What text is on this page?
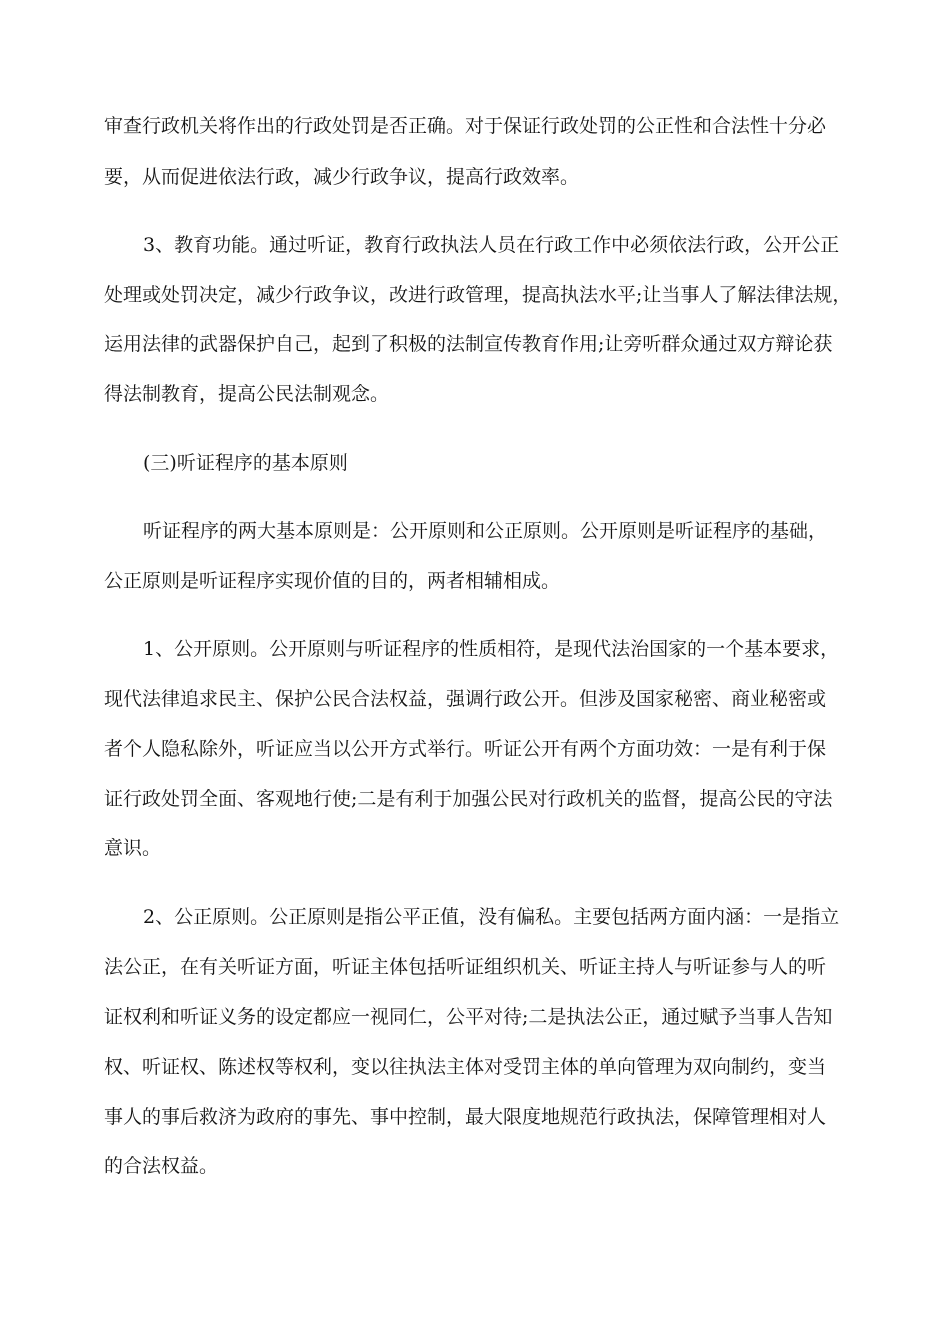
审查行政机关将作出的行政处罚是否正确。对于保证行政处罚的公正性和合法性十分必

要，从而促进依法行政，减少行政争议，提高行政效率。

3、教育功能。通过听证，教育行政执法人员在行政工作中必须依法行政，公开公正

处理或处罚决定，减少行政争议，改进行政管理，提高执法水平;让当事人了解法律法规，

运用法律的武器保护自己，起到了积极的法制宣传教育作用;让旁听群众通过双方辩论获

得法制教育，提高公民法制观念。

(三)听证程序的基本原则

听证程序的两大基本原则是：公开原则和公正原则。公开原则是听证程序的基础，

公正原则是听证程序实现价值的目的，两者相辅相成。

1、公开原则。公开原则与听证程序的性质相符，是现代法治国家的一个基本要求，

现代法律追求民主、保护公民合法权益，强调行政公开。但涉及国家秘密、商业秘密或

者个人隐私除外，听证应当以公开方式举行。听证公开有两个方面功效：一是有利于保

证行政处罚全面、客观地行使;二是有利于加强公民对行政机关的监督，提高公民的守法

意识。

2、公正原则。公正原则是指公平正值，没有偏私。主要包括两方面内涵：一是指立

法公正，在有关听证方面，听证主体包括听证组织机关、听证主持人与听证参与人的听

证权利和听证义务的设定都应一视同仁，公平对待;二是执法公正，通过赋予当事人告知

权、听证权、陈述权等权利，变以往执法主体对受罚主体的单向管理为双向制约，变当

事人的事后救济为政府的事先、事中控制，最大限度地规范行政执法，保障管理相对人

的合法权益。
